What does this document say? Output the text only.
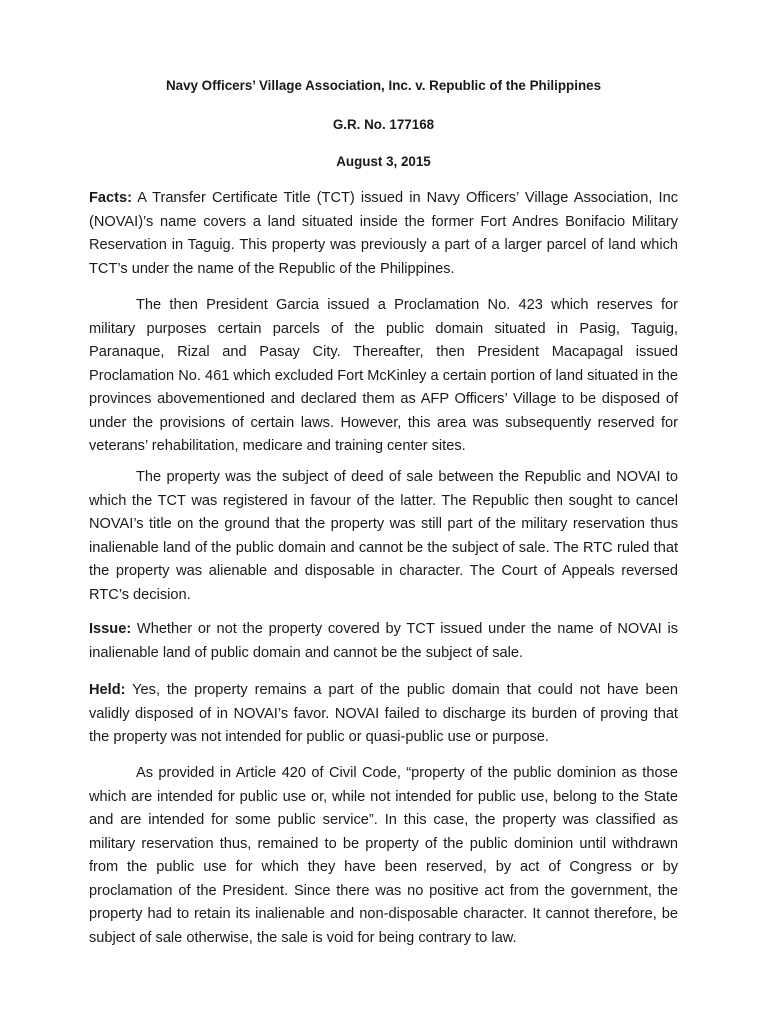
Navy Officers’ Village Association, Inc. v. Republic of the Philippines

G.R. No. 177168

August 3, 2015

Facts: A Transfer Certificate Title (TCT) issued in Navy Officers’ Village Association, Inc (NOVAI)’s name covers a land situated inside the former Fort Andres Bonifacio Military Reservation in Taguig. This property was previously a part of a larger parcel of land which TCT’s under the name of the Republic of the Philippines.

The then President Garcia issued a Proclamation No. 423 which reserves for military purposes certain parcels of the public domain situated in Pasig, Taguig, Paranaque, Rizal and Pasay City. Thereafter, then President Macapagal issued Proclamation No. 461 which excluded Fort McKinley a certain portion of land situated in the provinces abovementioned and declared them as AFP Officers’ Village to be disposed of under the provisions of certain laws. However, this area was subsequently reserved for veterans’ rehabilitation, medicare and training center sites.

The property was the subject of deed of sale between the Republic and NOVAI to which the TCT was registered in favour of the latter. The Republic then sought to cancel NOVAI’s title on the ground that the property was still part of the military reservation thus inalienable land of the public domain and cannot be the subject of sale. The RTC ruled that the property was alienable and disposable in character. The Court of Appeals reversed RTC’s decision.

Issue: Whether or not the property covered by TCT issued under the name of NOVAI is inalienable land of public domain and cannot be the subject of sale.

Held: Yes, the property remains a part of the public domain that could not have been validly disposed of in NOVAI’s favor. NOVAI failed to discharge its burden of proving that the property was not intended for public or quasi-public use or purpose.

As provided in Article 420 of Civil Code, “property of the public dominion as those which are intended for public use or, while not intended for public use, belong to the State and are intended for some public service”. In this case, the property was classified as military reservation thus, remained to be property of the public dominion until withdrawn from the public use for which they have been reserved, by act of Congress or by proclamation of the President. Since there was no positive act from the government, the property had to retain its inalienable and non-disposable character. It cannot therefore, be subject of sale otherwise, the sale is void for being contrary to law.
